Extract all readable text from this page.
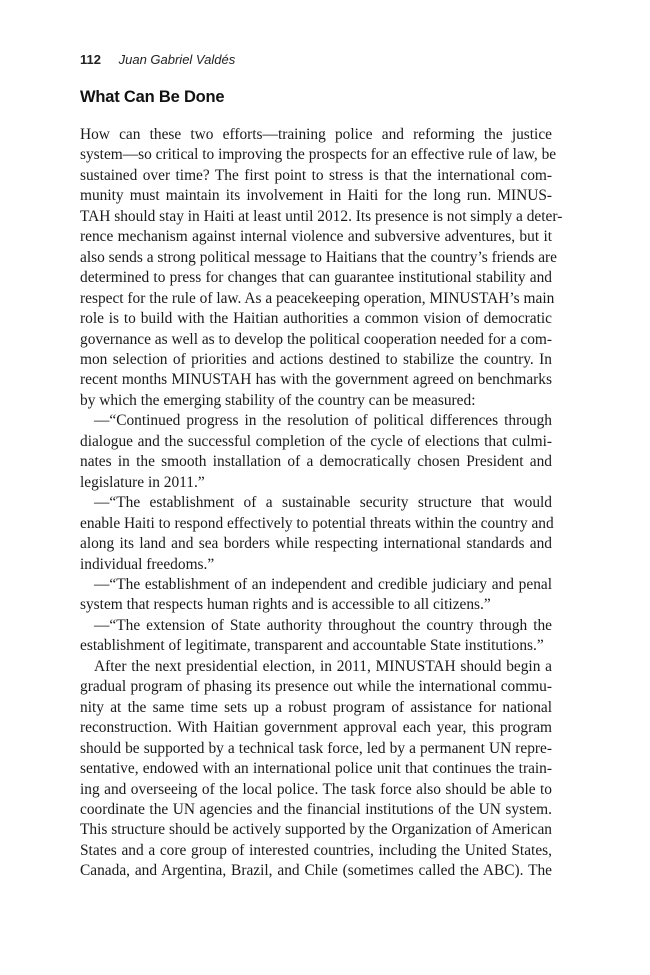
112 Juan Gabriel Valdés
What Can Be Done
How can these two efforts—training police and reforming the justice
system—so critical to improving the prospects for an effective rule of law, be
sustained over time? The first point to stress is that the international com-
munity must maintain its involvement in Haiti for the long run. MINUS-
TAH should stay in Haiti at least until 2012. Its presence is not simply a deter-
rence mechanism against internal violence and subversive adventures, but it
also sends a strong political message to Haitians that the country’s friends are
determined to press for changes that can guarantee institutional stability and
respect for the rule of law. As a peacekeeping operation, MINUSTAH’s main
role is to build with the Haitian authorities a common vision of democratic
governance as well as to develop the political cooperation needed for a com-
mon selection of priorities and actions destined to stabilize the country. In
recent months MINUSTAH has with the government agreed on benchmarks
by which the emerging stability of the country can be measured:
—“Continued progress in the resolution of political differences through
dialogue and the successful completion of the cycle of elections that culmi-
nates in the smooth installation of a democratically chosen President and
legislature in 2011.”
—“The establishment of a sustainable security structure that would
enable Haiti to respond effectively to potential threats within the country and
along its land and sea borders while respecting international standards and
individual freedoms.”
—“The establishment of an independent and credible judiciary and penal
system that respects human rights and is accessible to all citizens.”
—“The extension of State authority throughout the country through the
establishment of legitimate, transparent and accountable State institutions.”
After the next presidential election, in 2011, MINUSTAH should begin a
gradual program of phasing its presence out while the international commu-
nity at the same time sets up a robust program of assistance for national
reconstruction. With Haitian government approval each year, this program
should be supported by a technical task force, led by a permanent UN repre-
sentative, endowed with an international police unit that continues the train-
ing and overseeing of the local police. The task force also should be able to
coordinate the UN agencies and the financial institutions of the UN system.
This structure should be actively supported by the Organization of American
States and a core group of interested countries, including the United States,
Canada, and Argentina, Brazil, and Chile (sometimes called the ABC). The
